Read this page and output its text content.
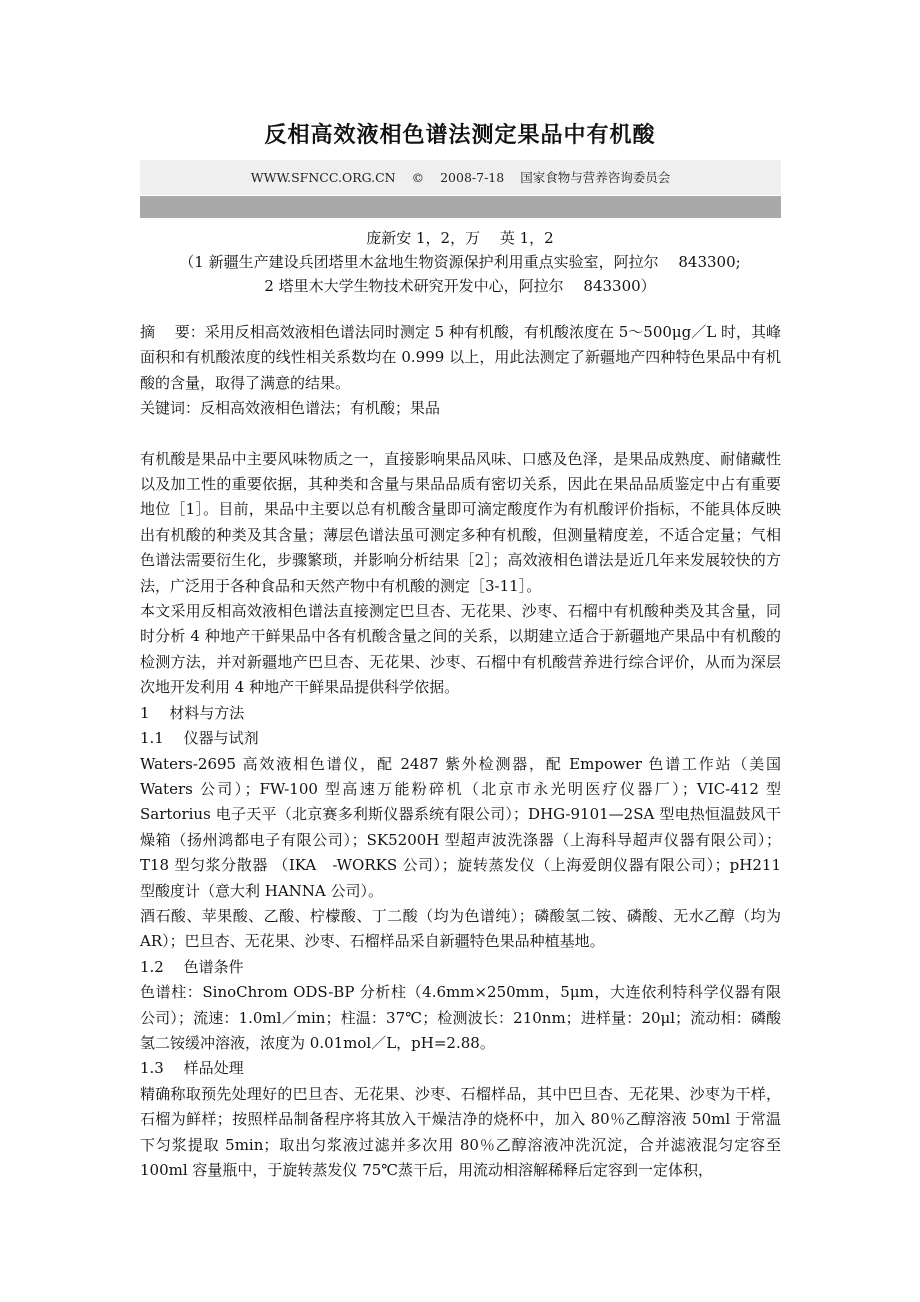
反相高效液相色谱法测定果品中有机酸
WWW.SFNCC.ORG.CN © 2008-7-18 国家食物与营养咨询委员会
庞新安 1，2，万　 英 1，2
（1 新疆生产建设兵团塔里木盆地生物资源保护利用重点实验室，阿拉尔　 843300;
2 塔里木大学生物技术研究开发中心，阿拉尔　 843300）

摘　 要：采用反相高效液相色谱法同时测定 5 种有机酸，有机酸浓度在 5～500μg／L 时，其峰面积和有机酸浓度的线性相关系数均在 0.999 以上，用此法测定了新疆地产四种特色果品中有机酸的含量，取得了满意的结果。

关键词：反相高效液相色谱法；有机酸；果品

有机酸是果品中主要风味物质之一，直接影响果品风味、口感及色泽，是果品成熟度、耐储藏性以及加工性的重要依据，其种类和含量与果品品质有密切关系，因此在果品品质鉴定中占有重要地位［1］。目前，果品中主要以总有机酸含量即可滴定酸度作为有机酸评价指标，不能具体反映出有机酸的种类及其含量；薄层色谱法虽可测定多种有机酸，但测量精度差，不适合定量；气相色谱法需要衍生化，步骤繁琐，并影响分析结果［2］；高效液相色谱法是近几年来发展较快的方法，广泛用于各种食品和天然产物中有机酸的测定［3-11］。

本文采用反相高效液相色谱法直接测定巴旦杏、无花果、沙枣、石榴中有机酸种类及其含量，同时分析 4 种地产干鲜果品中各有机酸含量之间的关系，以期建立适合于新疆地产果品中有机酸的检测方法，并对新疆地产巴旦杏、无花果、沙枣、石榴中有机酸营养进行综合评价，从而为深层次地开发利用 4 种地产干鲜果品提供科学依据。

1　 材料与方法

1.1　 仪器与试剂

Waters-2695 高效液相色谱仪，配 2487 紫外检测器，配 Empower 色谱工作站（美国 Waters 公司）；FW-100 型高速万能粉碎机（北京市永光明医疗仪器厂）；VIC-412 型 Sartorius 电子天平（北京赛多利斯仪器系统有限公司）；DHG-9101—2SA 型电热恒温鼓风干燥箱（扬州鸿都电子有限公司）；SK5200H 型超声波洗涤器（上海科导超声仪器有限公司）；T18 型匀浆分散器 （IKA　-WORKS 公司）；旋转蒸发仪（上海爱朗仪器有限公司）；pH211 型酸度计（意大利 HANNA 公司）。

酒石酸、苹果酸、乙酸、柠檬酸、丁二酸（均为色谱纯）；磷酸氢二铵、磷酸、无水乙醇（均为 AR）；巴旦杏、无花果、沙枣、石榴样品采自新疆特色果品种植基地。

1.2　 色谱条件

色谱柱：SinoChrom ODS-BP 分析柱（4.6mm×250mm，5μm，大连依利特科学仪器有限公司）；流速：1.0ml／min；柱温：37℃；检测波长：210nm；进样量：20μl；流动相：磷酸氢二铵缓冲溶液，浓度为 0.01mol／L，pH=2.88。

1.3　 样品处理

精确称取预先处理好的巴旦杏、无花果、沙枣、石榴样品，其中巴旦杏、无花果、沙枣为干样，石榴为鲜样；按照样品制备程序将其放入干燥洁净的烧杯中，加入 80％乙醇溶液 50ml 于常温下匀浆提取 5min；取出匀浆液过滤并多次用 80％乙醇溶液冲洗沉淀，合并滤液混匀定容至 100ml 容量瓶中，于旋转蒸发仪 75℃蒸干后，用流动相溶解稀释后定容到一定体积，
